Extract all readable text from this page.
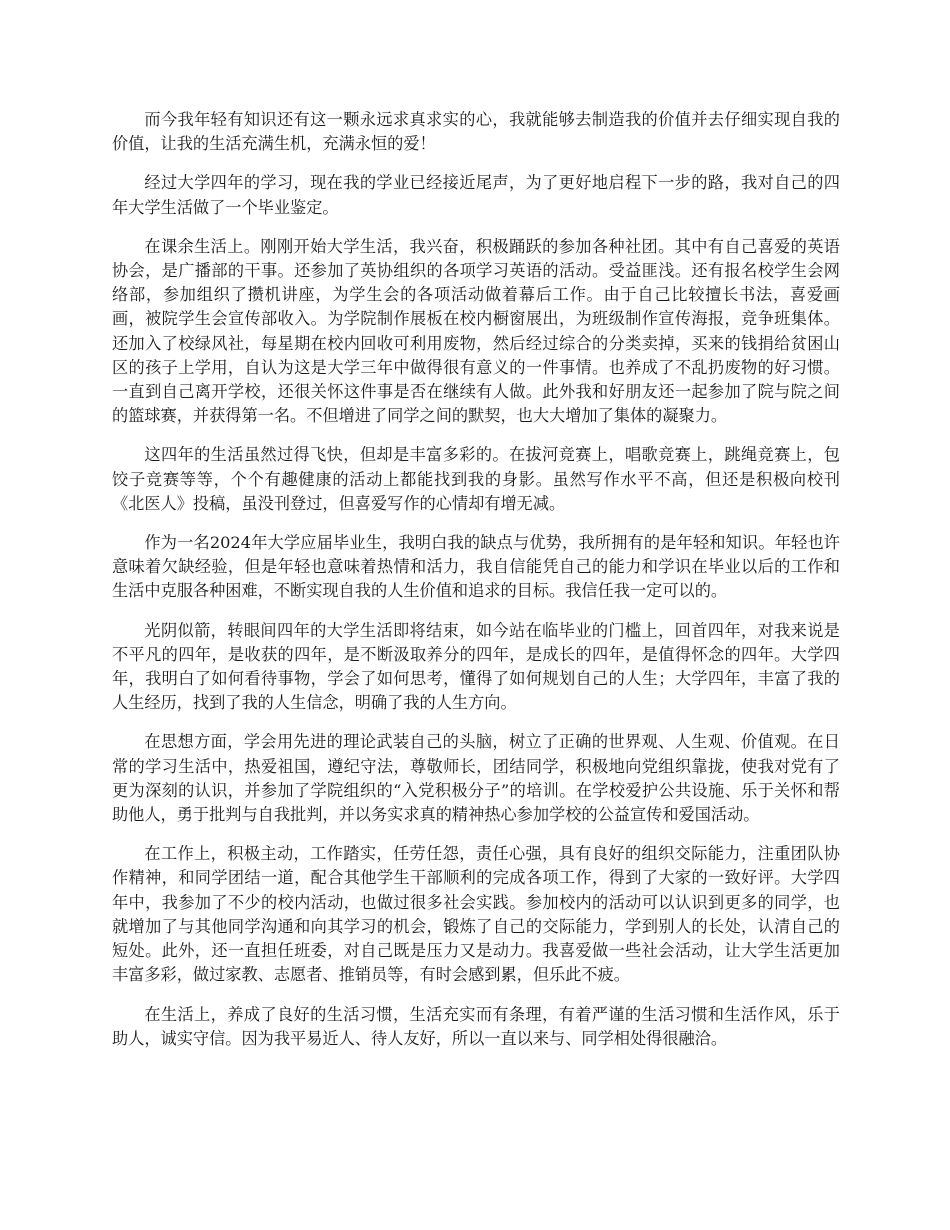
而今我年轻有知识还有这一颗永远求真求实的心，我就能够去制造我的价值并去仔细实现自我的价值，让我的生活充满生机，充满永恒的爱！

经过大学四年的学习，现在我的学业已经接近尾声，为了更好地启程下一步的路，我对自己的四年大学生活做了一个毕业鉴定。

在课余生活上。刚刚开始大学生活，我兴奋，积极踊跃的参加各种社团。其中有自己喜爱的英语协会，是广播部的干事。还参加了英协组织的各项学习英语的活动。受益匪浅。还有报名校学生会网络部，参加组织了攒机讲座，为学生会的各项活动做着幕后工作。由于自己比较擅长书法，喜爱画画，被院学生会宣传部收入。为学院制作展板在校内橱窗展出，为班级制作宣传海报，竞争班集体。还加入了校绿风社，每星期在校内回收可利用废物，然后经过综合的分类卖掉，买来的钱捐给贫困山区的孩子上学用，自认为这是大学三年中做得很有意义的一件事情。也养成了不乱扔废物的好习惯。一直到自己离开学校，还很关怀这件事是否在继续有人做。此外我和好朋友还一起参加了院与院之间的篮球赛，并获得第一名。不但增进了同学之间的默契，也大大增加了集体的凝聚力。

这四年的生活虽然过得飞快，但却是丰富多彩的。在拔河竞赛上，唱歌竞赛上，跳绳竞赛上，包饺子竞赛等等，个个有趣健康的活动上都能找到我的身影。虽然写作水平不高，但还是积极向校刊《北医人》投稿，虽没刊登过，但喜爱写作的心情却有增无减。

作为一名2024年大学应届毕业生，我明白我的缺点与优势，我所拥有的是年轻和知识。年轻也许意味着欠缺经验，但是年轻也意味着热情和活力，我自信能凭自己的能力和学识在毕业以后的工作和生活中克服各种困难，不断实现自我的人生价值和追求的目标。我信任我一定可以的。

光阴似箭，转眼间四年的大学生活即将结束，如今站在临毕业的门槛上，回首四年，对我来说是不平凡的四年，是收获的四年，是不断汲取养分的四年，是成长的四年，是值得怀念的四年。大学四年，我明白了如何看待事物，学会了如何思考，懂得了如何规划自己的人生；大学四年，丰富了我的人生经历，找到了我的人生信念，明确了我的人生方向。

在思想方面，学会用先进的理论武装自己的头脑，树立了正确的世界观、人生观、价值观。在日常的学习生活中，热爱祖国，遵纪守法，尊敬师长，团结同学，积极地向党组织靠拢，使我对党有了更为深刻的认识，并参加了学院组织的“入党积极分子”的培训。在学校爱护公共设施、乐于关怀和帮助他人，勇于批判与自我批判，并以务实求真的精神热心参加学校的公益宣传和爱国活动。

在工作上，积极主动，工作踏实，任劳任怨，责任心强，具有良好的组织交际能力，注重团队协作精神，和同学团结一道，配合其他学生干部顺利的完成各项工作，得到了大家的一致好评。大学四年中，我参加了不少的校内活动，也做过很多社会实践。参加校内的活动可以认识到更多的同学，也就增加了与其他同学沟通和向其学习的机会，锻炼了自己的交际能力，学到别人的长处，认清自己的短处。此外，还一直担任班委，对自己既是压力又是动力。我喜爱做一些社会活动，让大学生活更加丰富多彩，做过家教、志愿者、推销员等，有时会感到累，但乐此不疲。

在生活上，养成了良好的生活习惯，生活充实而有条理，有着严谨的生活习惯和生活作风，乐于助人，诚实守信。因为我平易近人、待人友好，所以一直以来与、同学相处得很融洽。
